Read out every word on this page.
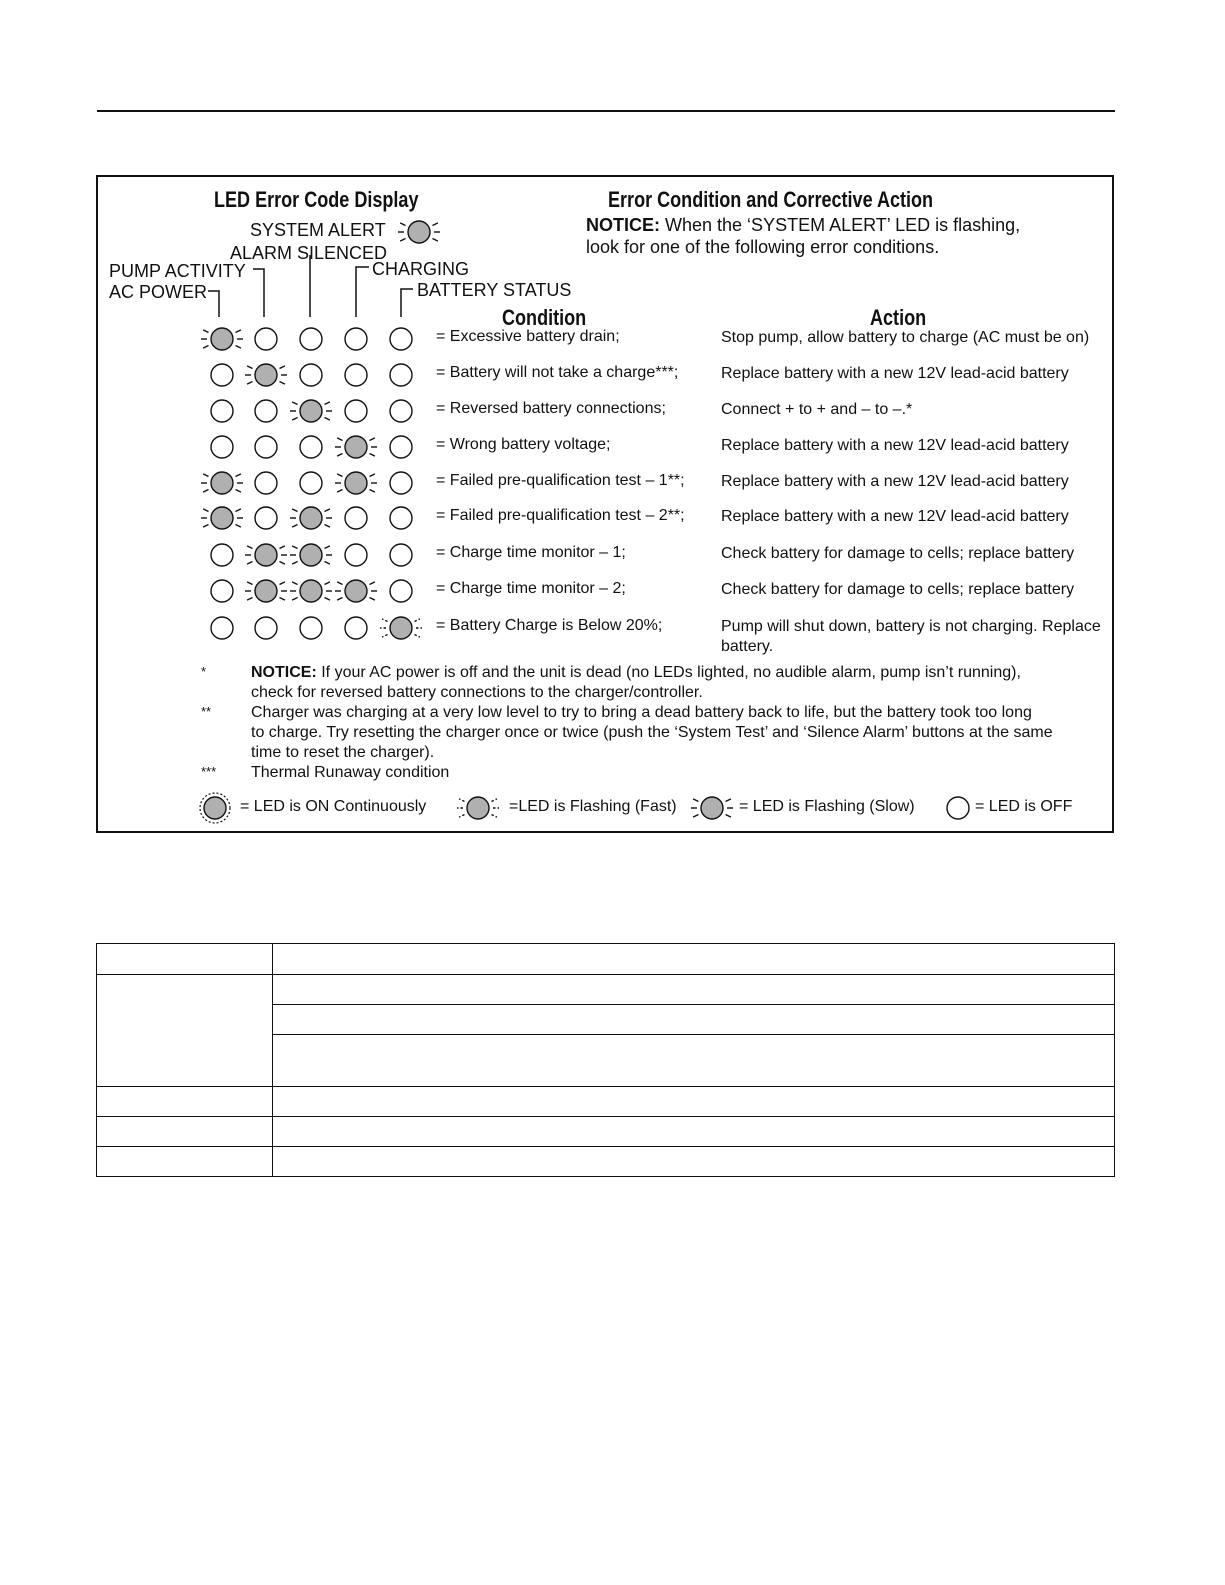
LED Error Code Display	Error Condition and Corrective Action
NOTICE: When the ‘SYSTEM ALERT’ LED is flashing,
look for one of the following error conditions.
SYSTEM ALERT
ALARM SILENCED
PUMP ACTIVITY	CHARGING
AC POWER	BATTERY STATUS
Condition	Action
= Excessive battery drain;	Stop pump, allow battery to charge (AC must be on)
= Battery will not take a charge***;	Replace battery with a new 12V lead-acid battery
= Reversed battery connections;	Connect + to + and – to –.*
= Wrong battery voltage;	Replace battery with a new 12V lead-acid battery
= Failed pre-qualification test – 1**; Replace battery with a new 12V lead-acid battery
= Failed pre-qualification test – 2**; Replace battery with a new 12V lead-acid battery
= Charge time monitor – 1;	Check battery for damage to cells; replace battery
= Charge time monitor – 2;	Check battery for damage to cells; replace battery
= Battery Charge is Below 20%;	Pump will shut down, battery is not charging. Replace
battery.
*	NOTICE: If your AC power is off and the unit is dead (no LEDs lighted, no audible alarm, pump isn’t running),
check for reversed battery connections to the charger/controller.
** Charger was charging at a very low level to try to bring a dead battery back to life, but the battery took too long
to charge. Try resetting the charger once or twice (push the ‘System Test’ and ‘Silence Alarm’ buttons at the same
time to reset the charger).
*** Thermal Runaway condition
= LED is ON Continuously	=LED is Flashing (Fast)	= LED is Flashing (Slow)	= LED is OFF
